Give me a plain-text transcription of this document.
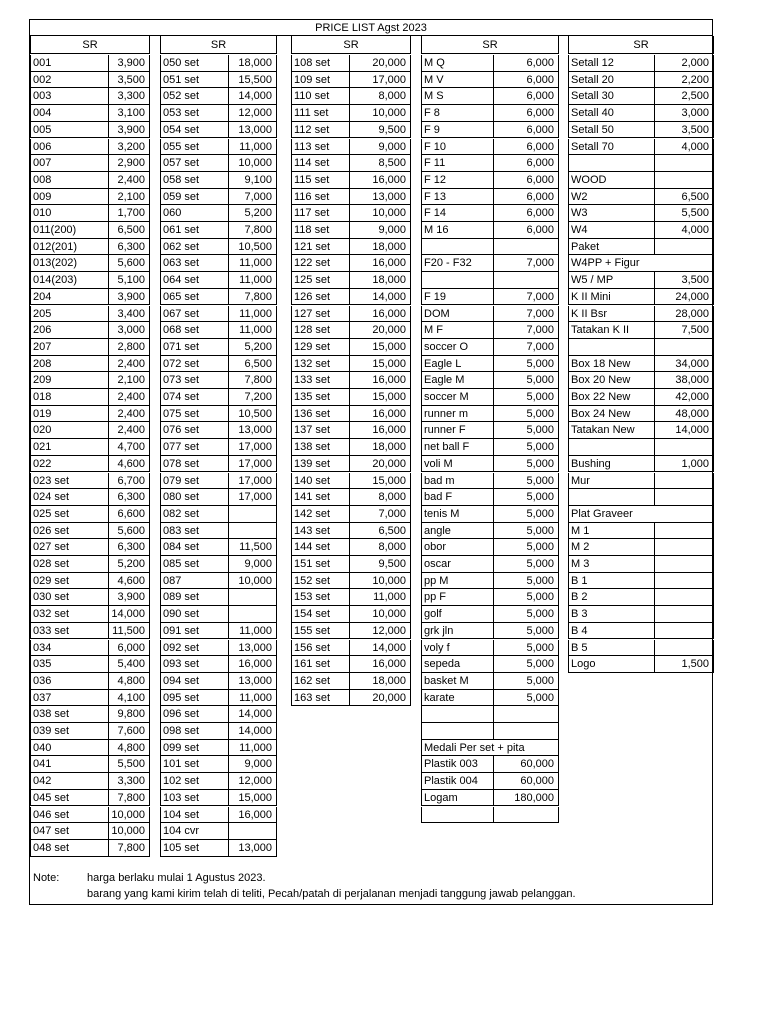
PRICE LIST Agst 2023
SR
001	3,900
002	3,500
003	3,300
004	3,100
005	3,900
006	3,200
007	2,900
008	2,400
009	2,100
010	1,700
011(200)	6,500
012(201)	6,300
013(202)	5,600
014(203)	5,100
204	3,900
205	3,400
206	3,000
207	2,800
208	2,400
209	2,100
018	2,400
019	2,400
020	2,400
021	4,700
022	4,600
023 set	6,700
024 set	6,300
025 set	6,600
026 set	5,600
027 set	6,300
028 set	5,200
029 set	4,600
030 set	3,900
032 set	14,000
033 set	11,500
034	6,000
035	5,400
036	4,800
037	4,100
038 set	9,800
039 set	7,600
040	4,800
041	5,500
042	3,300
045 set	7,800
046 set	10,000
047 set	10,000
048 set	7,800
SR
050 set	18,000
051 set	15,500
052 set	14,000
053 set	12,000
054 set	13,000
055 set	11,000
057 set	10,000
058 set	9,100
059 set	7,000
060	5,200
061 set	7,800
062 set	10,500
063 set	11,000
064 set	11,000
065 set	7,800
067 set	11,000
068 set	11,000
071 set	5,200
072 set	6,500
073 set	7,800
074 set	7,200
075 set	10,500
076 set	13,000
077 set	17,000
078 set	17,000
079 set	17,000
080 set	17,000
082 set
083 set
084 set	11,500
085 set	9,000
087	10,000
089 set
090 set
091 set	11,000
092 set	13,000
093 set	16,000
094 set	13,000
095 set	11,000
096 set	14,000
098 set	14,000
099 set	11,000
101 set	9,000
102 set	12,000
103 set	15,000
104 set	16,000
104 cvr
105 set	13,000
SR
108 set	20,000
109 set	17,000
110 set	8,000
111 set	10,000
112 set	9,500
113 set	9,000
114 set	8,500
115 set	16,000
116 set	13,000
117 set	10,000
118 set	9,000
121 set	18,000
122 set	16,000
125 set	18,000
126 set	14,000
127 set	16,000
128 set	20,000
129 set	15,000
132 set	15,000
133 set	16,000
135 set	15,000
136 set	16,000
137 set	16,000
138 set	18,000
139 set	20,000
140 set	15,000
141 set	8,000
142 set	7,000
143 set	6,500
144 set	8,000
151 set	9,500
152 set	10,000
153 set	11,000
154 set	10,000
155 set	12,000
156 set	14,000
161 set	16,000
162 set	18,000
163 set	20,000
SR
M Q	6,000
M V	6,000
M S	6,000
F 8	6,000
F 9	6,000
F 10	6,000
F 11	6,000
F 12	6,000
F 13	6,000
F 14	6,000
M 16	6,000
F20 - F32	7,000
F 19	7,000
DOM	7,000
M F	7,000
soccer O	7,000
Eagle L	5,000
Eagle M	5,000
soccer M	5,000
runner m	5,000
runner F	5,000
net ball F	5,000
voli M	5,000
bad m	5,000
bad F	5,000
tenis M	5,000
angle	5,000
obor	5,000
oscar	5,000
pp M	5,000
pp F	5,000
golf	5,000
grk jln	5,000
voly f	5,000
sepeda	5,000
basket M	5,000
karate	5,000
Medali Per set + pita
Plastik 003	60,000
Plastik 004	60,000
Logam	180,000
SR
Setall 12	2,000
Setall 20	2,200
Setall 30	2,500
Setall 40	3,000
Setall 50	3,500
Setall 70	4,000
WOOD
W2	6,500
W3	5,500
W4	4,000
Paket
W4PP + Figur
W5 / MP	3,500
K II Mini	24,000
K II Bsr	28,000
Tatakan K II	7,500
Box 18 New	34,000
Box 20 New	38,000
Box 22 New	42,000
Box 24 New	48,000
Tatakan New	14,000
Bushing	1,000
Mur
Plat Graveer
M 1
M 2
M 3
B 1
B 2
B 3
B 4
B 5
Logo	1,500
Note:	harga berlaku mulai 1 Agustus 2023.
barang yang kami kirim telah di teliti, Pecah/patah di perjalanan menjadi tanggung jawab pelanggan.
